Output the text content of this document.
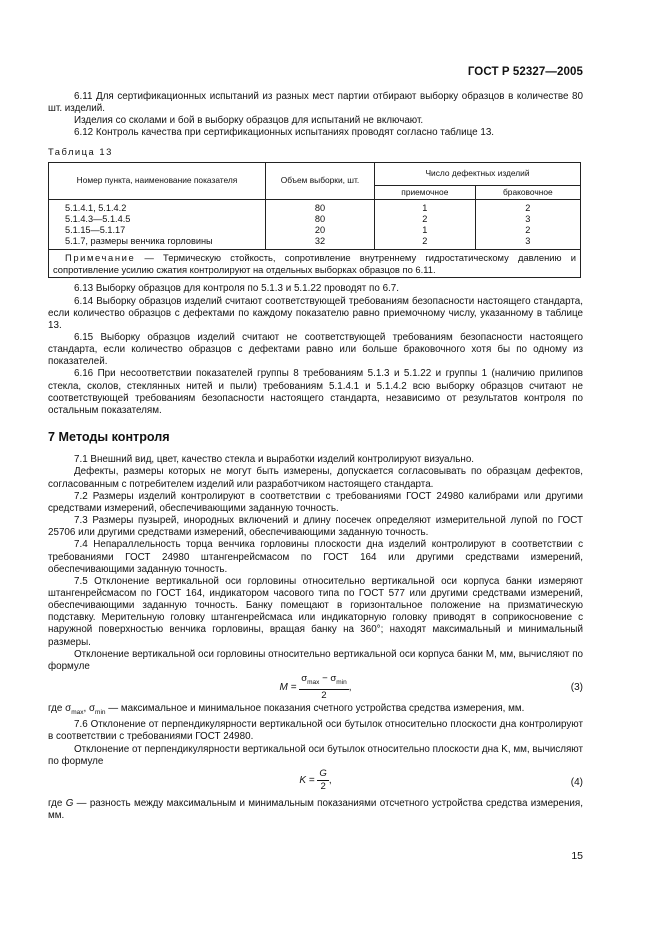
ГОСТ Р 52327—2005

6.11 Для сертификационных испытаний из разных мест партии отбирают выборку образцов в количестве 80 шт. изделий.

Изделия со сколами и бой в выборку образцов для испытаний не включают.

6.12 Контроль качества при сертификационных испытаниях проводят согласно таблице 13.

Таблица 13
Номер пункта, наименование показателя	Объем выборки, шт.	Число дефектных изделий	
		приемочное	браковочное
5.1.4.1, 5.1.4.2	80	1	2
5.1.4.3—5.1.4.5	80	2	3
5.1.15—5.1.17	20	1	2
5.1.7, размеры венчика горловины	32	2	3
Примечание — Термическую стойкость, сопротивление внутреннему гидростатическому давлению и сопротивление усилию сжатия контролируют на отдельных выборках образцов по 6.11.			

6.13 Выборку образцов для контроля по 5.1.3 и 5.1.22 проводят по 6.7.

6.14 Выборку образцов изделий считают соответствующей требованиям безопасности настоящего стандарта, если количество образцов с дефектами по каждому показателю равно приемочному числу, указанному в таблице 13.

6.15 Выборку образцов изделий считают не соответствующей требованиям безопасности настоящего стандарта, если количество образцов с дефектами равно или больше браковочного хотя бы по одному из показателей.

6.16 При несоответствии показателей группы 8 требованиям 5.1.3 и 5.1.22 и группы 1 (наличию прилипов стекла, сколов, стеклянных нитей и пыли) требованиям 5.1.4.1 и 5.1.4.2 всю выборку образцов считают не соответствующей требованиям безопасности настоящего стандарта, независимо от результатов контроля по остальным показателям.

7 Методы контроля

7.1 Внешний вид, цвет, качество стекла и выработки изделий контролируют визуально.

Дефекты, размеры которых не могут быть измерены, допускается согласовывать по образцам дефектов, согласованным с потребителем изделий или разработчиком настоящего стандарта.

7.2 Размеры изделий контролируют в соответствии с требованиями ГОСТ 24980 калибрами или другими средствами измерений, обеспечивающими заданную точность.

7.3 Размеры пузырей, инородных включений и длину посечек определяют измерительной лупой по ГОСТ 25706 или другими средствами измерений, обеспечивающими заданную точность.

7.4 Непараллельность торца венчика горловины плоскости дна изделий контролируют в соответствии с требованиями ГОСТ 24980 штангенрейсмасом по ГОСТ 164 или другими средствами измерений, обеспечивающими заданную точность.

7.5 Отклонение вертикальной оси горловины относительно вертикальной оси корпуса банки измеряют штангенрейсмасом по ГОСТ 164, индикатором часового типа по ГОСТ 577 или другими средствами измерений, обеспечивающими заданную точность. Банку помещают в горизонтальное положение на призматическую подставку. Мерительную головку штангенрейсмаса или индикаторную головку приводят в соприкосновение с наружной поверхностью венчика горловины, вращая банку на 360°; находят максимальный и минимальный размеры.

Отклонение вертикальной оси горловины относительно вертикальной оси корпуса банки M, мм, вычисляют по формуле

$M = \frac{\sigma_{max} - \sigma_{min}}{2}$ ,	(3)

где $\sigma_{max}$, $\sigma_{min}$ — максимальное и минимальное показания счетного устройства средства измерения, мм.

7.6 Отклонение от перпендикулярности вертикальной оси бутылок относительно плоскости дна контролируют в соответствии с требованиями ГОСТ 24980.

Отклонение от перпендикулярности вертикальной оси бутылок относительно плоскости дна K, мм, вычисляют по формуле

$K = \frac{G}{2}$ ,	(4)

где G — разность между максимальным и минимальным показаниями отсчетного устройства средства измерения, мм.

15
